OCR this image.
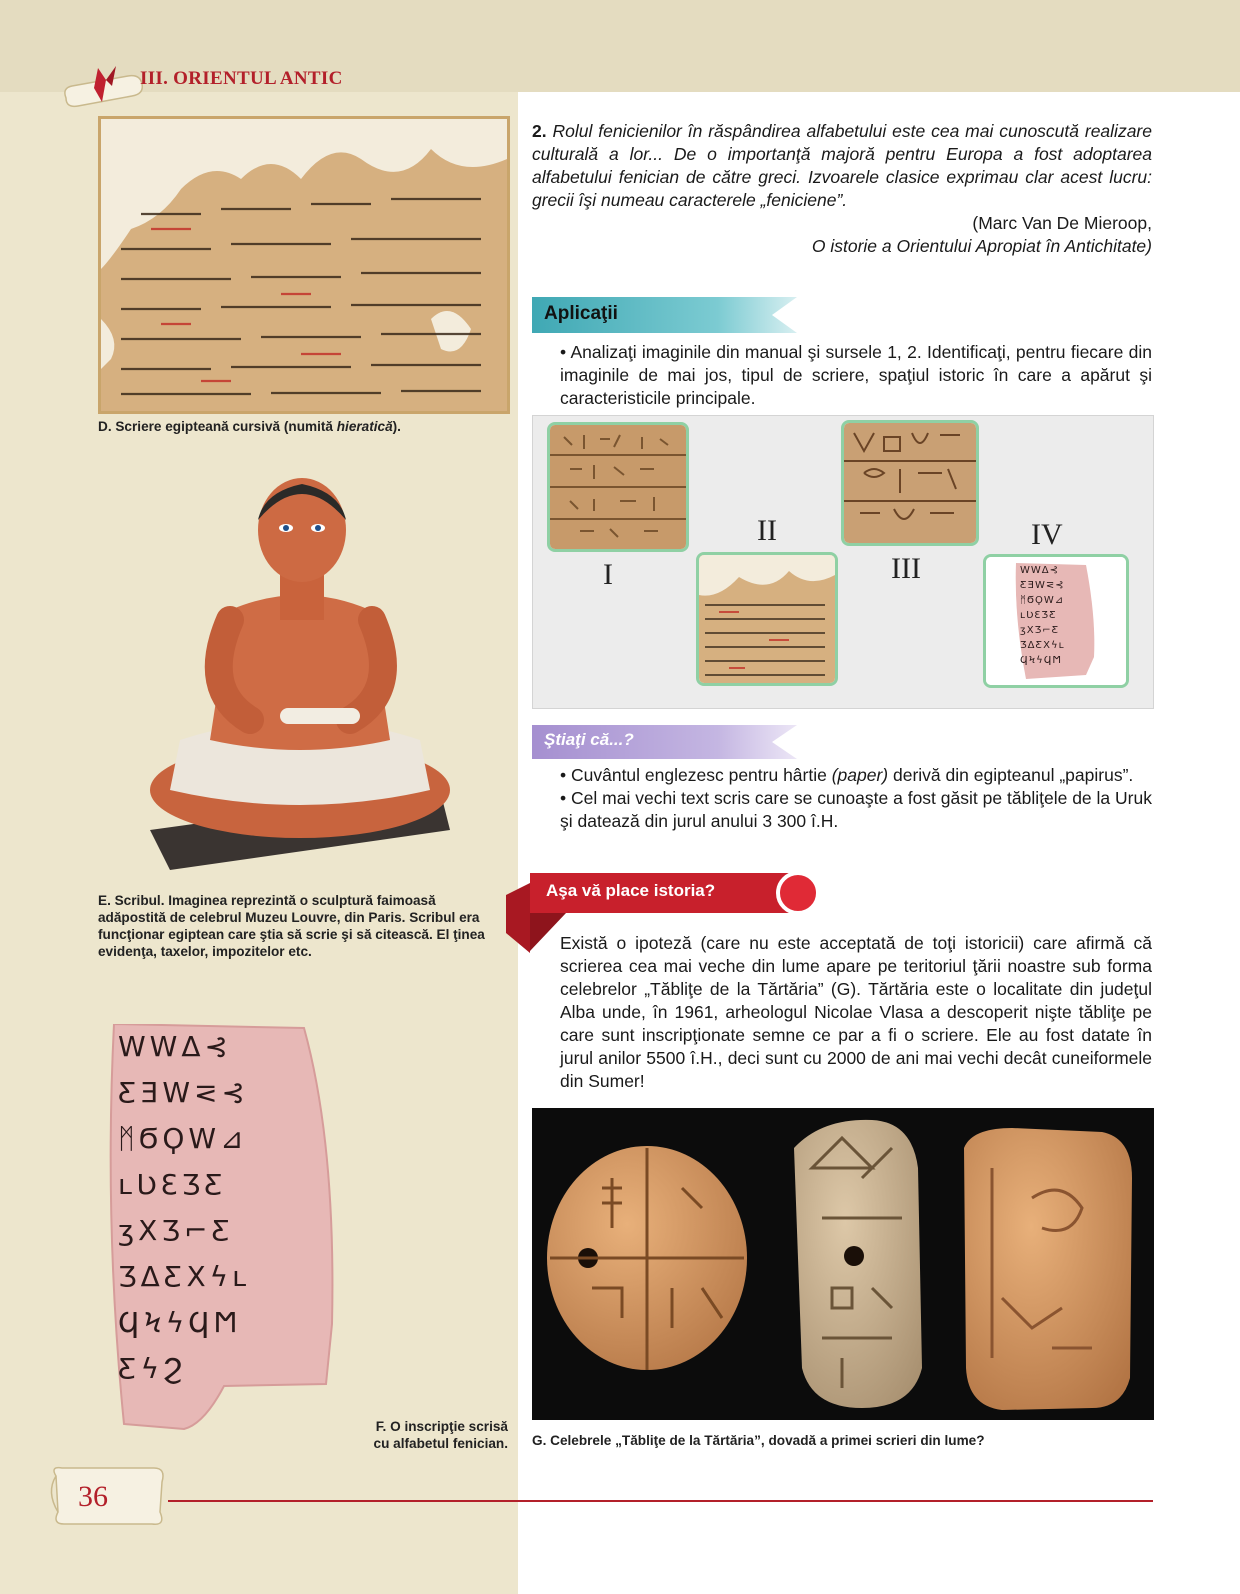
III. ORIENTUL ANTIC
D. Scriere egipteană cursivă (numită hieratică).
E. Scribul. Imaginea reprezintă o sculptură faimoasă adăpostită de celebrul Muzeu Louvre, din Paris. Scribul era funcţionar egiptean care ştia să scrie şi să citească. El ţinea evidenţa, taxelor, impozitelor etc.
WWΔ⊰
ƸƎW⋜⊰
ᛗϬϘW⊿
ʟƲƐƷƸ
ʒXƷ⌐Ƹ
ƷΔƸXϟʟ
ϤϞϟϤϺ
ƸϟϨ
F. O inscripţie scrisă
cu alfabetul fenician.
2. Rolul fenicienilor în răspândirea alfabetului este cea mai cunoscută realizare culturală a lor... De o importanţă majoră pentru Europa a fost adoptarea alfabetului fenician de către greci. Izvoarele clasice exprimau clar acest lucru: grecii îşi numeau caracterele „feniciene”.
(Marc Van De Mieroop,
O istorie a Orientului Apropiat în Antichitate)
Aplicaţii
• Analizaţi imaginile din manual şi sursele 1, 2. Identificaţi, pentru fiecare din imaginile de mai jos, tipul de scriere, spaţiul istoric în care a apărut şi caracteristicile principale.
WWΔ⊰
ƸƎW⋜⊰
ᛗϬϘW⊿
ʟƲƐƷƸ
ʒXƷ⌐Ƹ
ƷΔƸXϟʟ
ϤϞϟϤϺ
I
II
III
IV
Ştiaţi că...?
• Cuvântul englezesc pentru hârtie (paper) derivă din egipteanul „papirus”.
• Cel mai vechi text scris care se cunoaşte a fost găsit pe tăbliţele de la Uruk şi datează din jurul anului 3 300 î.H.
Aşa vă place istoria?
Există o ipoteză (care nu este acceptată de toţi istoricii) care afirmă că scrierea cea mai veche din lume apare pe teritoriul ţării noastre sub forma celebrelor „Tăbliţe de la Tărtăria” (G). Tărtăria este o localitate din judeţul Alba unde, în 1961, arheologul Nicolae Vlasa a descoperit nişte tăbliţe pe care sunt inscripţionate semne ce par a fi o scriere. Ele au fost datate în jurul anilor 5500 î.H., deci sunt cu 2000 de ani mai vechi decât cuneiformele din Sumer!
G. Celebrele „Tăbliţe de la Tărtăria”, dovadă a primei scrieri din lume?
36
